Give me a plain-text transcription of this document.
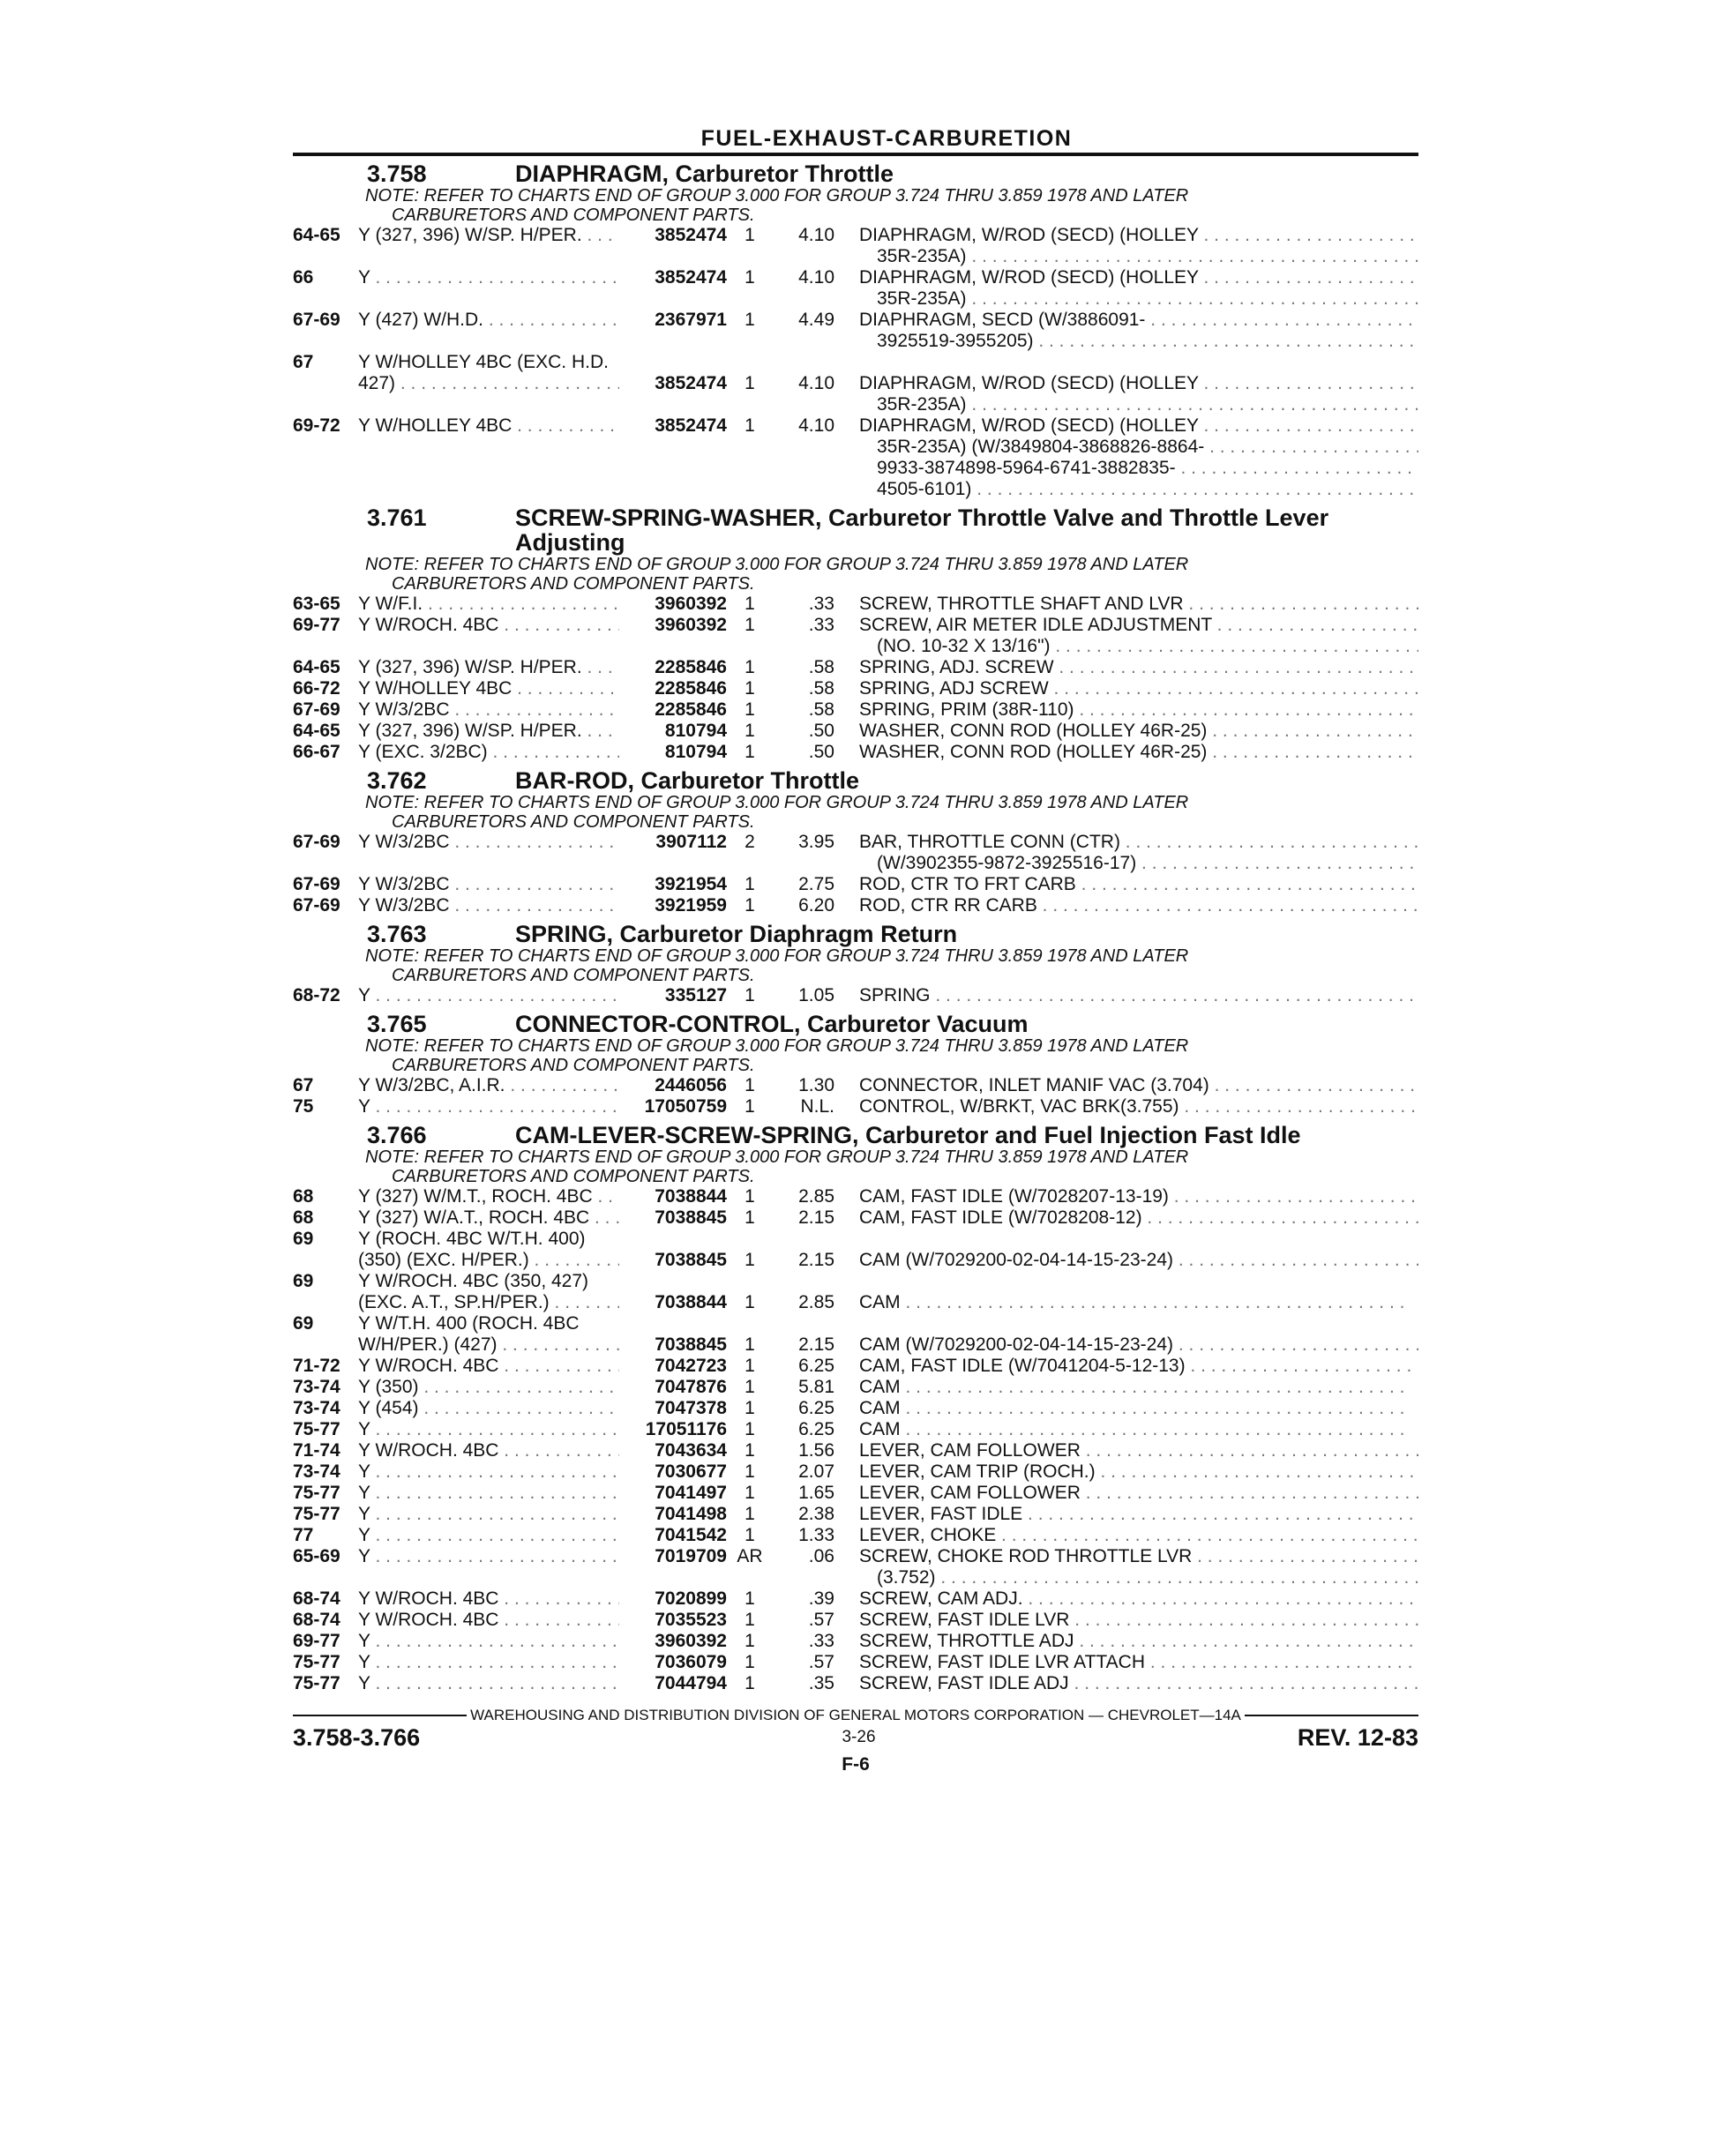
FUEL-EXHAUST-CARBURETION
3.758	DIAPHRAGM, Carburetor Throttle
NOTE: REFER TO CHARTS END OF GROUP 3.000 FOR GROUP 3.724 THRU 3.859 1978 AND LATER
CARBURETORS AND COMPONENT PARTS.
64-65 Y (327, 396) W/SP. H/PER. . . .	3852474 1	4.10	DIAPHRAGM, W/ROD (SECD) (HOLLEY . . .
35R-235A) . . .
66	Y . . .	3852474 1	4.10	DIAPHRAGM, W/ROD (SECD) (HOLLEY . . .
35R-235A) . . .
67-69 Y (427) W/H.D. . . .	2367971 1	4.49	DIAPHRAGM, SECD (W/3886091- . . .
3925519-3955205) . . .
67	Y W/HOLLEY 4BC (EXC. H.D.
427) . . .	3852474 1	4.10	DIAPHRAGM, W/ROD (SECD) (HOLLEY . . .
35R-235A) . . .
69-72 Y W/HOLLEY 4BC . . .	3852474 1	4.10	DIAPHRAGM, W/ROD (SECD) (HOLLEY . . .
35R-235A) (W/3849804-3868826-8864- . . .
9933-3874898-5964-6741-3882835- . . .
4505-6101) . . .
3.761	SCREW-SPRING-WASHER, Carburetor Throttle Valve and Throttle Lever Adjusting
NOTE: REFER TO CHARTS END OF GROUP 3.000 FOR GROUP 3.724 THRU 3.859 1978 AND LATER
CARBURETORS AND COMPONENT PARTS.
63-65 Y W/F.I. . . .	3960392 1	.33	SCREW, THROTTLE SHAFT AND LVR . . .
69-77 Y W/ROCH. 4BC . . .	3960392 1	.33	SCREW, AIR METER IDLE ADJUSTMENT . . .
(NO. 10-32 X 13/16") . . .
64-65 Y (327, 396) W/SP. H/PER. . . .	2285846 1	.58	SPRING, ADJ. SCREW . . .
66-72 Y W/HOLLEY 4BC . . .	2285846 1	.58	SPRING, ADJ SCREW . . .
67-69 Y W/3/2BC . . .	2285846 1	.58	SPRING, PRIM (38R-110) . . .
64-65 Y (327, 396) W/SP. H/PER. . . .	810794 1	.50	WASHER, CONN ROD (HOLLEY 46R-25) . . .
66-67 Y (EXC. 3/2BC) . . .	810794 1	.50	WASHER, CONN ROD (HOLLEY 46R-25) . . .
3.762	BAR-ROD, Carburetor Throttle
NOTE: REFER TO CHARTS END OF GROUP 3.000 FOR GROUP 3.724 THRU 3.859 1978 AND LATER
CARBURETORS AND COMPONENT PARTS.
67-69 Y W/3/2BC . . .	3907112 2	3.95	BAR, THROTTLE CONN (CTR) . . .
(W/3902355-9872-3925516-17) . . .
67-69 Y W/3/2BC . . .	3921954 1	2.75	ROD, CTR TO FRT CARB . . .
67-69 Y W/3/2BC . . .	3921959 1	6.20	ROD, CTR RR CARB . . .
3.763	SPRING, Carburetor Diaphragm Return
NOTE: REFER TO CHARTS END OF GROUP 3.000 FOR GROUP 3.724 THRU 3.859 1978 AND LATER
CARBURETORS AND COMPONENT PARTS.
68-72 Y . . .	335127 1	1.05	SPRING . . .
3.765	CONNECTOR-CONTROL, Carburetor Vacuum
NOTE: REFER TO CHARTS END OF GROUP 3.000 FOR GROUP 3.724 THRU 3.859 1978 AND LATER
CARBURETORS AND COMPONENT PARTS.
67	Y W/3/2BC, A.I.R. . . .	2446056 1	1.30	CONNECTOR, INLET MANIF VAC (3.704) . . .
75	Y . . .	17050759 1	N.L.	CONTROL, W/BRKT, VAC BRK(3.755) . . .
3.766	CAM-LEVER-SCREW-SPRING, Carburetor and Fuel Injection Fast Idle
NOTE: REFER TO CHARTS END OF GROUP 3.000 FOR GROUP 3.724 THRU 3.859 1978 AND LATER
CARBURETORS AND COMPONENT PARTS.
68	Y (327) W/M.T., ROCH. 4BC . . .	7038844 1	2.85	CAM, FAST IDLE (W/7028207-13-19) . . .
68	Y (327) W/A.T., ROCH. 4BC . . .	7038845 1	2.15	CAM, FAST IDLE (W/7028208-12) . . .
69	Y (ROCH. 4BC W/T.H. 400)
(350) (EXC. H/PER.) . . .	7038845 1	2.15	CAM (W/7029200-02-04-14-15-23-24) . . .
69	Y W/ROCH. 4BC (350, 427)
(EXC. A.T., SP.H/PER.) . . .	7038844 1	2.85	CAM . . .
69	Y W/T.H. 400 (ROCH. 4BC
W/H/PER.) (427) . . .	7038845 1	2.15	CAM (W/7029200-02-04-14-15-23-24) . . .
71-72 Y W/ROCH. 4BC . . .	7042723 1	6.25	CAM, FAST IDLE (W/7041204-5-12-13) . . .
73-74 Y (350) . . .	7047876 1	5.81	CAM . . .
73-74 Y (454) . . .	7047378 1	6.25	CAM . . .
75-77 Y . . .	17051176 1	6.25	CAM . . .
71-74 Y W/ROCH. 4BC . . .	7043634 1	1.56	LEVER, CAM FOLLOWER . . .
73-74 Y . . .	7030677 1	2.07	LEVER, CAM TRIP (ROCH.) . . .
75-77 Y . . .	7041497 1	1.65	LEVER, CAM FOLLOWER . . .
75-77 Y . . .	7041498 1	2.38	LEVER, FAST IDLE . . .
77	Y . . .	7041542 1	1.33	LEVER, CHOKE . . .
65-69 Y . . .	7019709 AR	.06	SCREW, CHOKE ROD THROTTLE LVR . . .
(3.752) . . .
68-74 Y W/ROCH. 4BC . . .	7020899 1	.39	SCREW, CAM ADJ. . . .
68-74 Y W/ROCH. 4BC . . .	7035523 1	.57	SCREW, FAST IDLE LVR . . .
69-77 Y . . .	3960392 1	.33	SCREW, THROTTLE ADJ . . .
75-77 Y . . .	7036079 1	.57	SCREW, FAST IDLE LVR ATTACH . . .
75-77 Y . . .	7044794 1	.35	SCREW, FAST IDLE ADJ . . .
WAREHOUSING AND DISTRIBUTION DIVISION OF GENERAL MOTORS CORPORATION — CHEVROLET—14A
3.758-3.766	3-26	REV. 12-83
F-6
